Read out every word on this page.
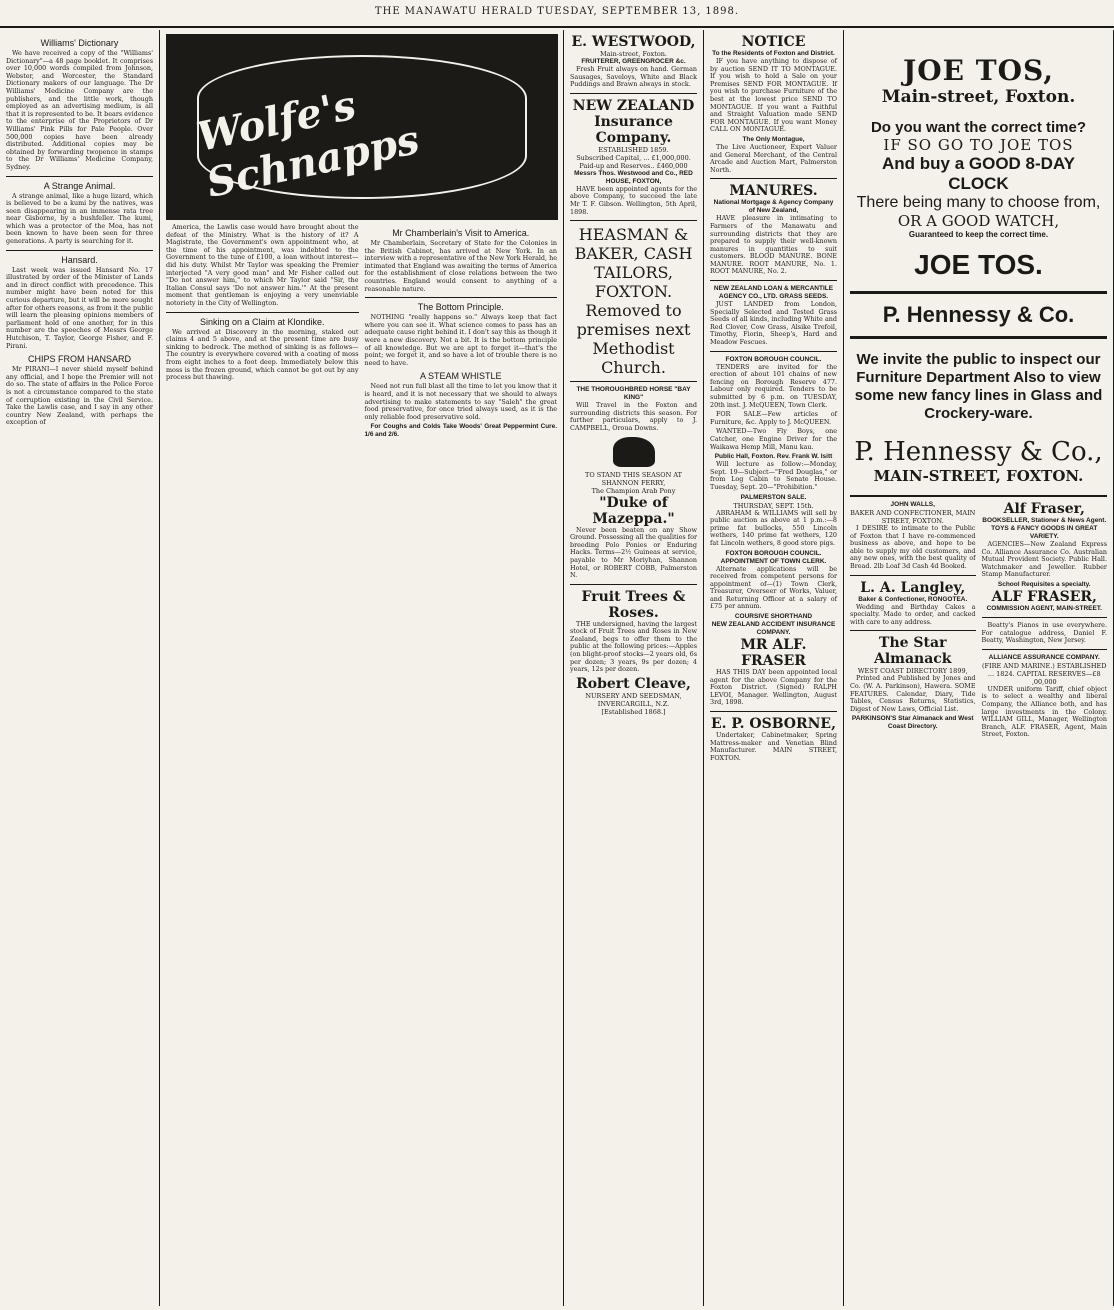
THE MANAWATU HERALD TUESDAY, SEPTEMBER 13, 1898.
Williams' Dictionary

We have received a copy of the "Williams' Dictionary"—a 48 page booklet. It comprises over 10,000 words compiled from Johnson, Webster, and Worcester, the Standard Dictionary makers of our language. The Dr Williams' Medicine Company are the publishers, and the little work, though employed as an advertising medium, is all that it is represented to be. It bears evidence to the enterprise of the Proprietors of Dr Williams' Pink Pills for Pale People. Over 500,000 copies have been already distributed. Additional copies may be obtained by forwarding twopence in stamps to the Dr Williams' Medicine Company, Sydney.

A Strange Animal.

A strange animal, like a huge lizard, which is believed to be a kumi by the natives, was seen disappearing in an immense rata tree near Gisborne, by a bushfeller. The kumi, which was a protector of the Moa, has not been known to have been seen for three generations. A party is searching for it.

Hansard.

Last week was issued Hansard No. 17 illustrated by order of the Minister of Lands and in direct conflict with precedence. This number might have been noted for this curious departure, but it will be more sought after for others reasons, as from it the public will learn the pleasing opinions members of parliament hold of one another, for in this number are the speeches of Messrs George Hutchison, T. Taylor, George Fisher, and F. Pirani.

CHIPS FROM HANSARD

Mr PIRANI—I never shield myself behind any official, and I hope the Premier will not do so. The state of affairs in the Police Force is not a circumstance compared to the state of corruption existing in the Civil Service. Take the Lawlis case, and I say in any other country New Zealand, with perhaps the exception of

Wolfe's Schnapps

America, the Lawlis case would have brought about the defeat of the Ministry. What is the history of it? A Magistrate, the Government's own appointment who, at the time of his appointment, was indebted to the Government to the tune of £100, a loan without interest—did his duty. Whilst Mr Taylor was speaking the Premier interjected "A very good man" and Mr Fisher called out "Do not answer him," to which Mr Taylor said "Sir, the Italian Consul says 'Do not answer him.'" At the present moment that gentleman is enjoying a very unenviable notoriety in the City of Wellington.

Sinking on a Claim at Klondike.

We arrived at Discovery in the morning, staked out claims 4 and 5 above, and at the present time are busy sinking to bedrock. The method of sinking is as follows—The country is everywhere covered with a coating of moss from eight inches to a foot deep. Immediately below this moss is the frozen ground, which cannot be got out by any process but thawing.

Mr Chamberlain's Visit to America.

Mr Chamberlain, Secretary of State for the Colonies in the British Cabinet, has arrived at New York. In an interview with a representative of the New York Herald, he intimated that England was awaiting the terms of America for the establishment of close relations between the two countries. England would consent to anything of a reasonable nature.

The Bottom Principle.

NOTHING "really happens so." Always keep that fact where you can see it. What science comes to pass has an adequate cause right behind it. I don't say this as though it were a new discovery. Not a bit. It is the bottom principle of all knowledge. But we are apt to forget it—that's the point; we forget it, and so have a lot of trouble there is no need to have.

A STEAM WHISTLE

Need not run full blast all the time to let you know that it is heard, and it is not necessary that we should to always advertising to make statements to say "Saleh" the great food preservative, for once tried always used, as it is the only reliable food preservative sold.

For Coughs and Colds Take Woods' Great Peppermint Cure. 1/6 and 2/6.

E. WESTWOOD,
Main-street, Foxton.
FRUITERER, GREENGROCER &c.

Fresh Fruit always on hand. German Sausages, Saveloys, White and Black Puddings and Brawn always in stock.

NEW ZEALAND Insurance Company.
ESTABLISHED 1859.
Subscribed Capital, ... £1,000,000. Paid-up and Reserves.. £460,000
Messrs Thos. Westwood and Co., RED HOUSE, FOXTON,

HAVE been appointed agents for the above Company, to succeed the late Mr T. F. Gibson. Wellington, 5th April, 1898.

HEASMAN & BAKER, CASH TAILORS, FOXTON. Removed to premises next Methodist Church.
THE THOROUGHBRED HORSE "BAY KING"

Will Travel in the Foxton and surrounding districts this season. For further particulars, apply to J. CAMPBELL, Oroua Downs.

TO STAND THIS SEASON AT SHANNON FERRY,
The Champion Arab Pony
"Duke of Mazeppa."

Never been beaten on any Show Ground. Possessing all the qualities for breeding Polo Ponies or Enduring Hacks. Terms—2½ Guineas at service, payable to Mr Moriyhan, Shannon Hotel, or ROBERT COBB, Palmerston N.

Fruit Trees & Roses.

THE undersigned, having the largest stock of Fruit Trees and Roses in New Zealand, begs to offer them to the public at the following prices:—Apples (on blight-proof stocks—2 years old, 6s per dozen; 3 years, 9s per dozen; 4 years, 12s per dozen.

Robert Cleave,
NURSERY AND SEEDSMAN, INVERCARGILL, N.Z.
[Established 1868.]
NOTICE
To the Residents of Foxton and District.

IF you have anything to dispose of by auction SEND IT TO MONTAGUE. If you wish to hold a Sale on your Premises SEND FOR MONTAGUE. If you wish to purchase Furniture of the best at the lowest price SEND TO MONTAGUE. If you want a Faithful and Straight Valuation made SEND FOR MONTAGUE. If you want Money CALL ON MONTAGUE.

The Only Montague,

The Live Auctioneer, Expert Valuer and General Merchant, of the Central Arcade and Auction Mart, Palmerston North.

MANURES.
National Mortgage & Agency Company of New Zealand,

HAVE pleasure in intimating to Farmers of the Manawatu and surrounding districts that they are prepared to supply their well-known manures in quantities to suit customers. BLOOD MANURE. BONE MANURE. ROOT MANURE, No. 1. ROOT MANURE, No. 2.

NEW ZEALAND LOAN & MERCANTILE AGENCY CO., LTD. GRASS SEEDS.

JUST LANDED from London, Specially Selected and Tested Grass Seeds of all kinds, including White and Red Clover, Cow Grass, Alsike Trefoil, Timothy, Fiorin, Sheep's, Hard and Meadow Fescues.

FOXTON BOROUGH COUNCIL.

TENDERS are invited for the erection of about 101 chains of new fencing on Borough Reserve 477. Labour only required. Tenders to be submitted by 6 p.m. on TUESDAY, 20th inst. J. McQUEEN, Town Clerk.

FOR SALE—Few articles of Furniture, &c. Apply to J. McQUEEN.

WANTED—Two Fly Boys, one Catcher, one Engine Driver for the Waikawa Hemp Mill, Manu kau.

Public Hall, Foxton. Rev. Frank W. Isitt

Will lecture as follow:—Monday, Sept. 19—Subject—"Fred Douglas," or from Log Cabin to Senate House. Tuesday, Sept. 20—"Prohibition."

PALMERSTON SALE.
THURSDAY, SEPT. 15th.

ABRAHAM & WILLIAMS will sell by public auction as above at 1 p.m.:—8 prime fat bullocks, 550 Lincoln wethers, 140 prime fat wethers, 120 fat Lincoln wethers, 8 good store pigs.

FOXTON BOROUGH COUNCIL. APPOINTMENT OF TOWN CLERK.

Alternate applications will be received from competent persons for appointment of—(1) Town Clerk, Treasurer, Overseer of Works, Valuer, and Returning Officer at a salary of £75 per annum.

COURSIVE SHORTHAND
NEW ZEALAND ACCIDENT INSURANCE COMPANY.
MR ALF. FRASER

HAS THIS DAY been appointed local agent for the above Company for the Foxton District. (Signed) RALPH LEVOI, Manager. Wellington, August 3rd, 1898.

E. P. OSBORNE,

Undertaker, Cabinetmaker, Spring Mattress-maker and Venetian Blind Manufacturer. MAIN STREET, FOXTON.

JOE TOS,
Main-street, Foxton.
Do you want the correct time?
IF SO GO TO JOE TOS
And buy a GOOD 8-DAY CLOCK
There being many to choose from,
OR A GOOD WATCH,
Guaranteed to keep the correct time.
JOE TOS.
P. Hennessy & Co.
We invite the public to inspect our Furniture Department Also to view some new fancy lines in Glass and Crockery-ware.
P. Hennessy & Co.,
MAIN-STREET, FOXTON.
JOHN WALLS,
BAKER AND CONFECTIONER, MAIN STREET, FOXTON.

I DESIRE to intimate to the Public of Foxton that I have re-commenced business as above, and hope to be able to supply my old customers, and any new ones, with the best quality of Bread. 2lb Loaf 3d Cash 4d Booked.

L. A. Langley,
Baker & Confectioner, RONGOTEA.

Wedding and Birthday Cakes a specialty. Made to order, and cacked with care to any address.

The Star Almanack
WEST COAST DIRECTORY 1899,

Printed and Published by Jones and Co. (W. A. Parkinson), Hawera. SOME FEATURES. Calendar, Diary, Tide Tables, Census Returns, Statistics, Digest of New Laws, Official List.

PARKINSON'S Star Almanack and West Coast Directory.
Alf Fraser,
BOOKSELLER, Stationer & News Agent.
TOYS & FANCY GOODS IN GREAT VARIETY.

AGENCIES—New Zealand Express Co. Alliance Assurance Co. Australian Mutual Provident Society. Public Hall. Watchmaker and Jeweller. Rubber Stamp Manufacturer.

School Requisites a specialty.
ALF FRASER,
COMMISSION AGENT, MAIN-STREET.

Beatty's Pianos in use everywhere. For catalogue address, Daniel F. Beatty, Washington, New Jersey.

ALLIANCE ASSURANCE COMPANY.
(FIRE AND MARINE.) ESTABLISHED ... 1824. CAPITAL RESERVES—£8 ,00,000

UNDER uniform Tariff, chief object is to select a wealthy and liberal Company, the Alliance both, and has large investments in the Colony. WILLIAM GILL, Manager, Wellington Branch, ALF. FRASER, Agent, Main Street, Foxton.
